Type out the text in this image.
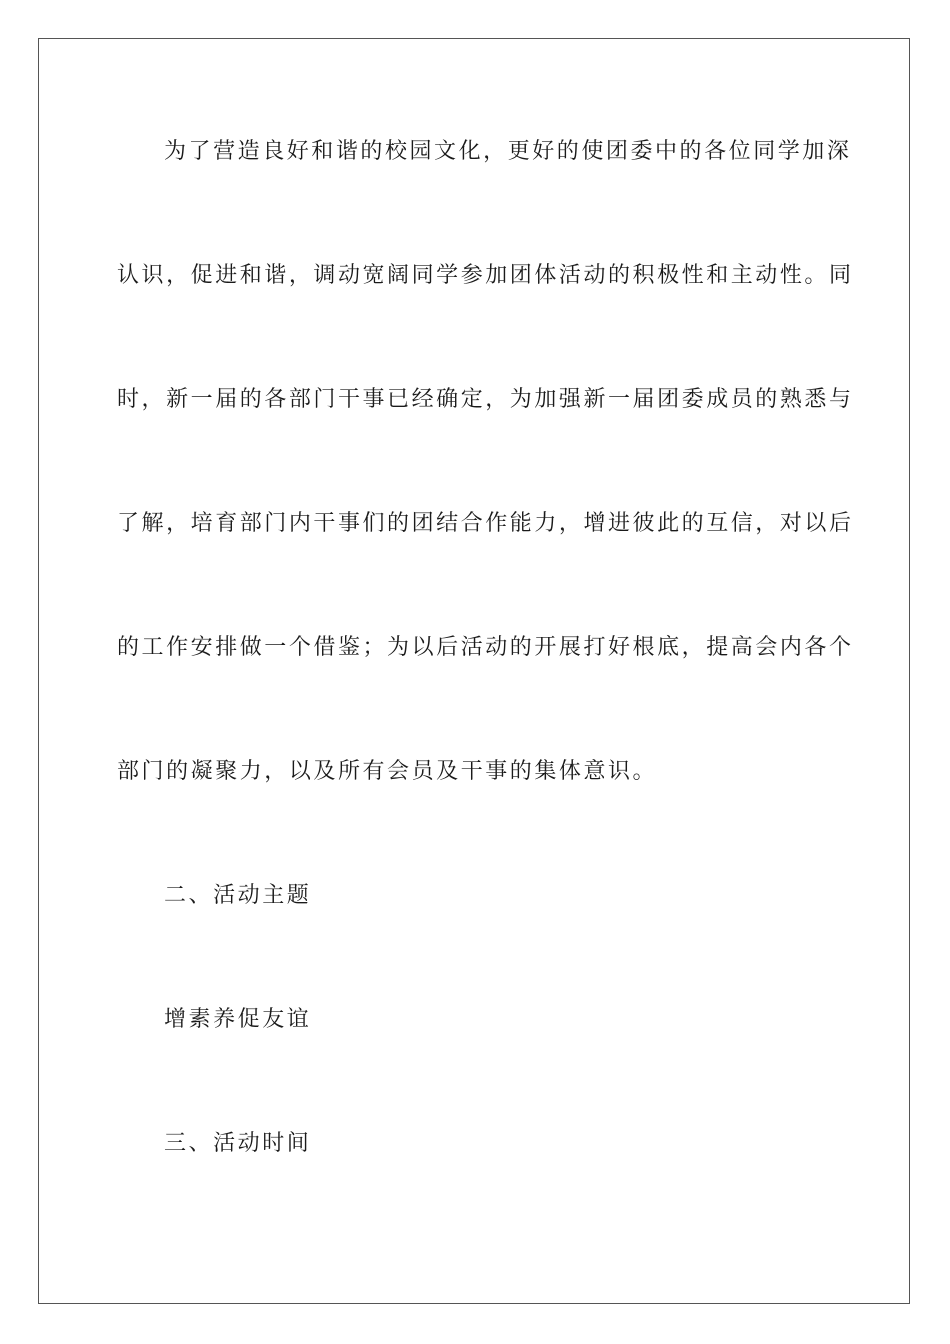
为了营造良好和谐的校园文化，更好的使团委中的各位同学加深
认识，促进和谐，调动宽阔同学参加团体活动的积极性和主动性。同
时，新一届的各部门干事已经确定，为加强新一届团委成员的熟悉与
了解，培育部门内干事们的团结合作能力，增进彼此的互信，对以后
的工作安排做一个借鉴；为以后活动的开展打好根底，提高会内各个
部门的凝聚力，以及所有会员及干事的集体意识。
二、活动主题
增素养促友谊
三、活动时间
